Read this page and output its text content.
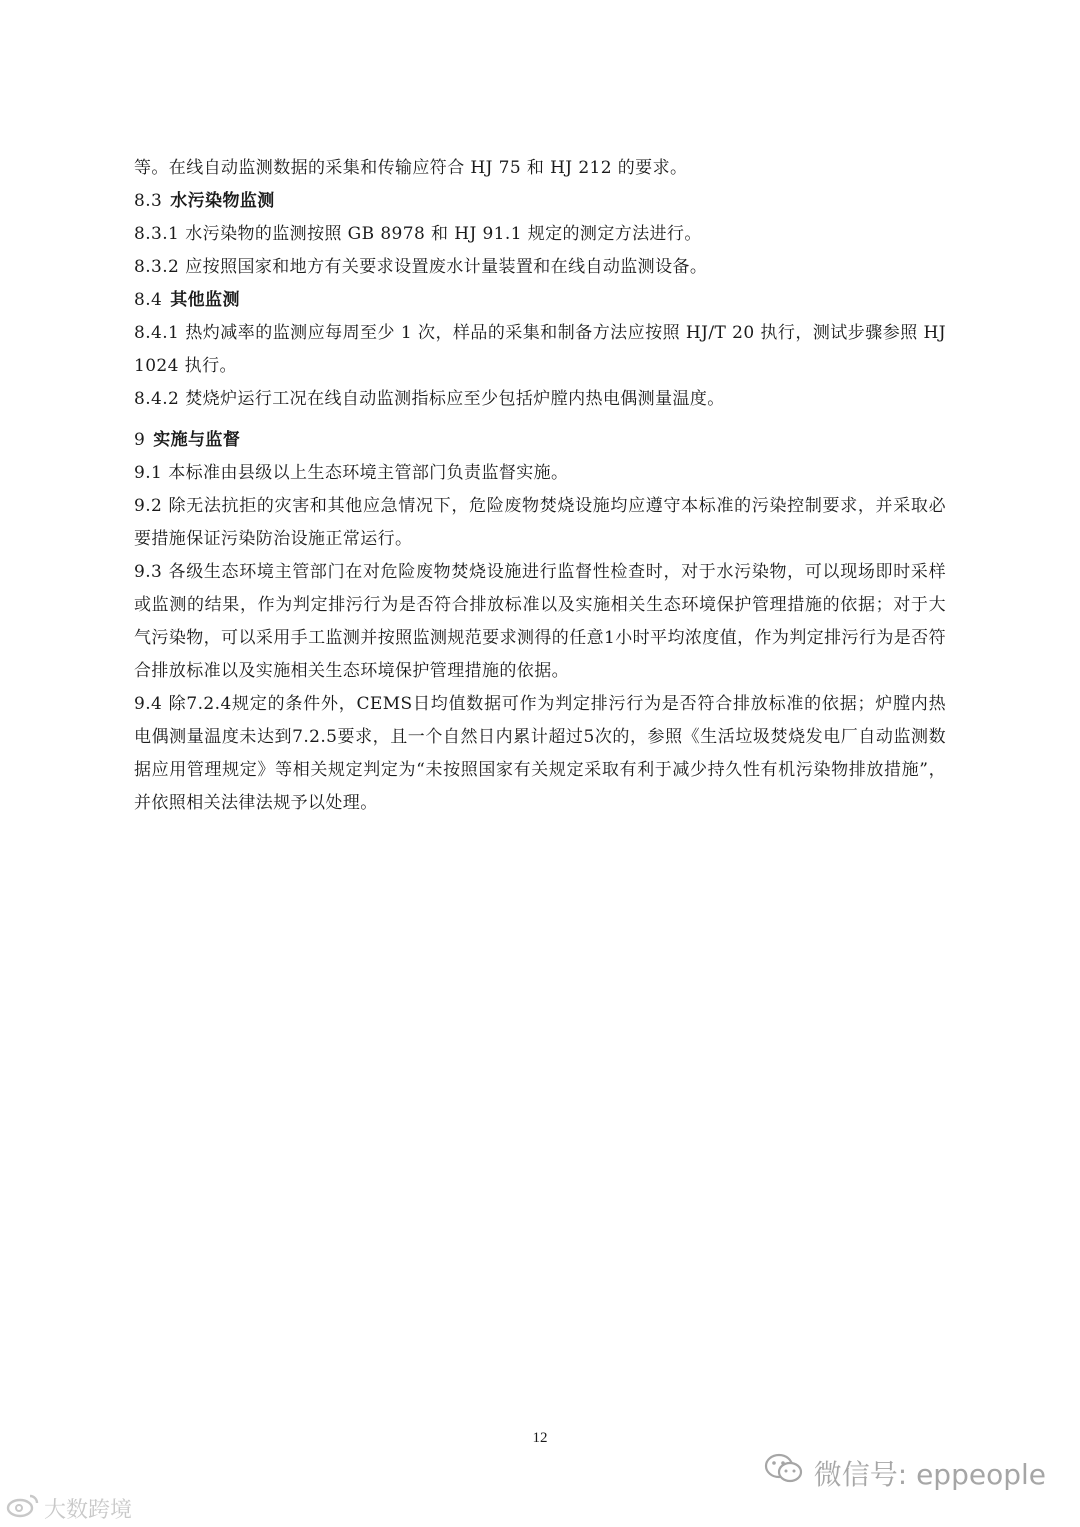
等。在线自动监测数据的采集和传输应符合 HJ 75 和 HJ 212 的要求。
8.3 水污染物监测
8.3.1 水污染物的监测按照 GB 8978 和 HJ 91.1 规定的测定方法进行。
8.3.2 应按照国家和地方有关要求设置废水计量装置和在线自动监测设备。
8.4 其他监测
8.4.1 热灼减率的监测应每周至少 1 次，样品的采集和制备方法应按照 HJ/T 20 执行，测试步骤参照 HJ 1024 执行。
8.4.2 焚烧炉运行工况在线自动监测指标应至少包括炉膛内热电偶测量温度。
9 实施与监督
9.1 本标准由县级以上生态环境主管部门负责监督实施。
9.2 除无法抗拒的灾害和其他应急情况下，危险废物焚烧设施均应遵守本标准的污染控制要求，并采取必要措施保证污染防治设施正常运行。
9.3 各级生态环境主管部门在对危险废物焚烧设施进行监督性检查时，对于水污染物，可以现场即时采样或监测的结果，作为判定排污行为是否符合排放标准以及实施相关生态环境保护管理措施的依据；对于大气污染物，可以采用手工监测并按照监测规范要求测得的任意1小时平均浓度值，作为判定排污行为是否符合排放标准以及实施相关生态环境保护管理措施的依据。
9.4 除7.2.4规定的条件外，CEMS日均值数据可作为判定排污行为是否符合排放标准的依据；炉膛内热电偶测量温度未达到7.2.5要求，且一个自然日内累计超过5次的，参照《生活垃圾焚烧发电厂自动监测数据应用管理规定》等相关规定判定为“未按照国家有关规定采取有利于减少持久性有机污染物排放措施”，并依照相关法律法规予以处理。
12
微信号: eppeople
大数跨境
